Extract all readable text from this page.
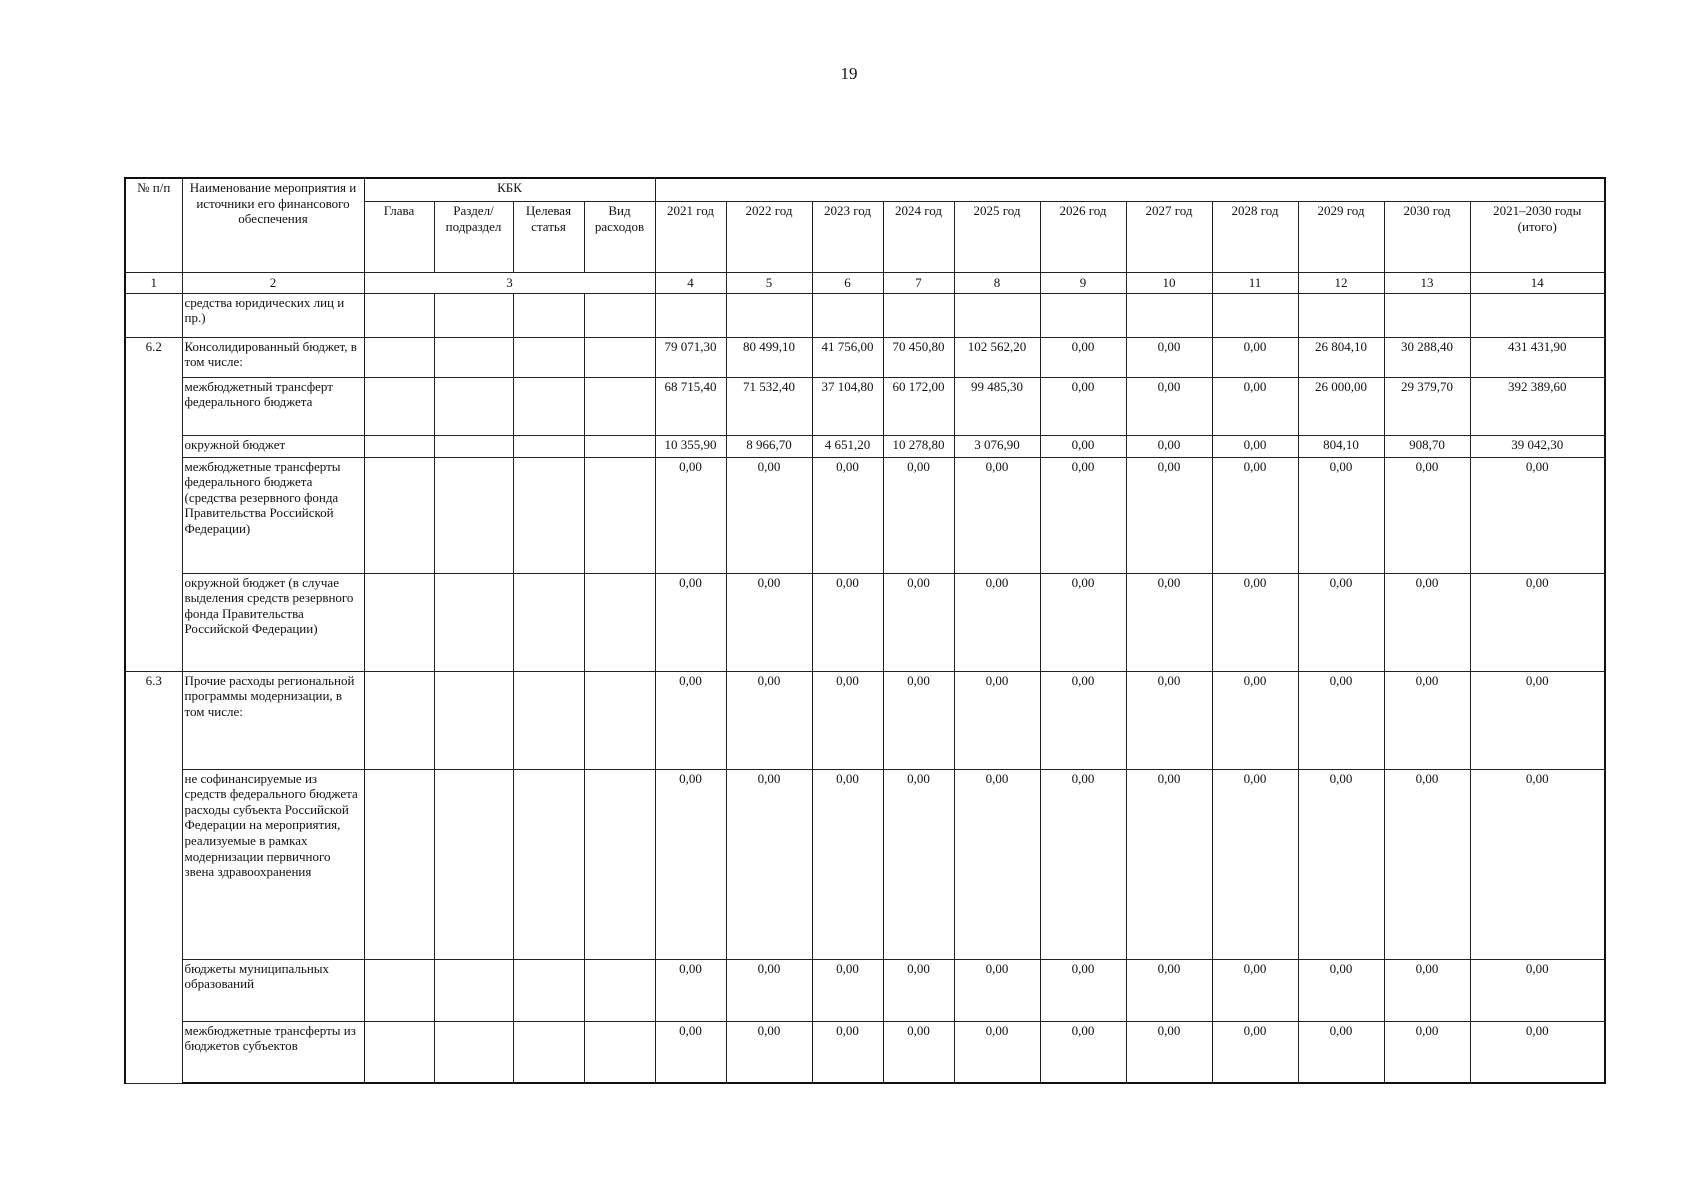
19
№ п/п	Наименование мероприятия и источники его финансового обеспечения	КБК														
		Глава	Раздел/ подраздел	Целевая статья	Вид расходов	2021 год	2022 год	2023 год	2024 год	2025 год	2026 год	2027 год	2028 год	2029 год	2030 год	2021–2030 годы (итого)
1	2	3				4	5	6	7	8	9	10	11	12	13	14
	средства юридических лиц и пр.)															
6.2	Консолидированный бюджет, в том числе:					79 071,30	80 499,10	41 756,00	70 450,80	102 562,20	0,00	0,00	0,00	26 804,10	30 288,40	431 431,90
	межбюджетный трансферт федерального бюджета					68 715,40	71 532,40	37 104,80	60 172,00	99 485,30	0,00	0,00	0,00	26 000,00	29 379,70	392 389,60
	окружной бюджет					10 355,90	8 966,70	4 651,20	10 278,80	3 076,90	0,00	0,00	0,00	804,10	908,70	39 042,30
	межбюджетные трансферты федерального бюджета (средства резервного фонда Правительства Российской Федерации)					0,00	0,00	0,00	0,00	0,00	0,00	0,00	0,00	0,00	0,00	0,00
	окружной бюджет (в случае выделения средств резервного фонда Правительства Российской Федерации)					0,00	0,00	0,00	0,00	0,00	0,00	0,00	0,00	0,00	0,00	0,00
6.3	Прочие расходы региональной программы модернизации, в том числе:					0,00	0,00	0,00	0,00	0,00	0,00	0,00	0,00	0,00	0,00	0,00
	не софинансируемые из средств федерального бюджета расходы субъекта Российской Федерации на мероприятия, реализуемые в рамках модернизации первичного звена здравоохранения					0,00	0,00	0,00	0,00	0,00	0,00	0,00	0,00	0,00	0,00	0,00
	бюджеты муниципальных образований					0,00	0,00	0,00	0,00	0,00	0,00	0,00	0,00	0,00	0,00	0,00
	межбюджетные трансферты из бюджетов субъектов					0,00	0,00	0,00	0,00	0,00	0,00	0,00	0,00	0,00	0,00	0,00
